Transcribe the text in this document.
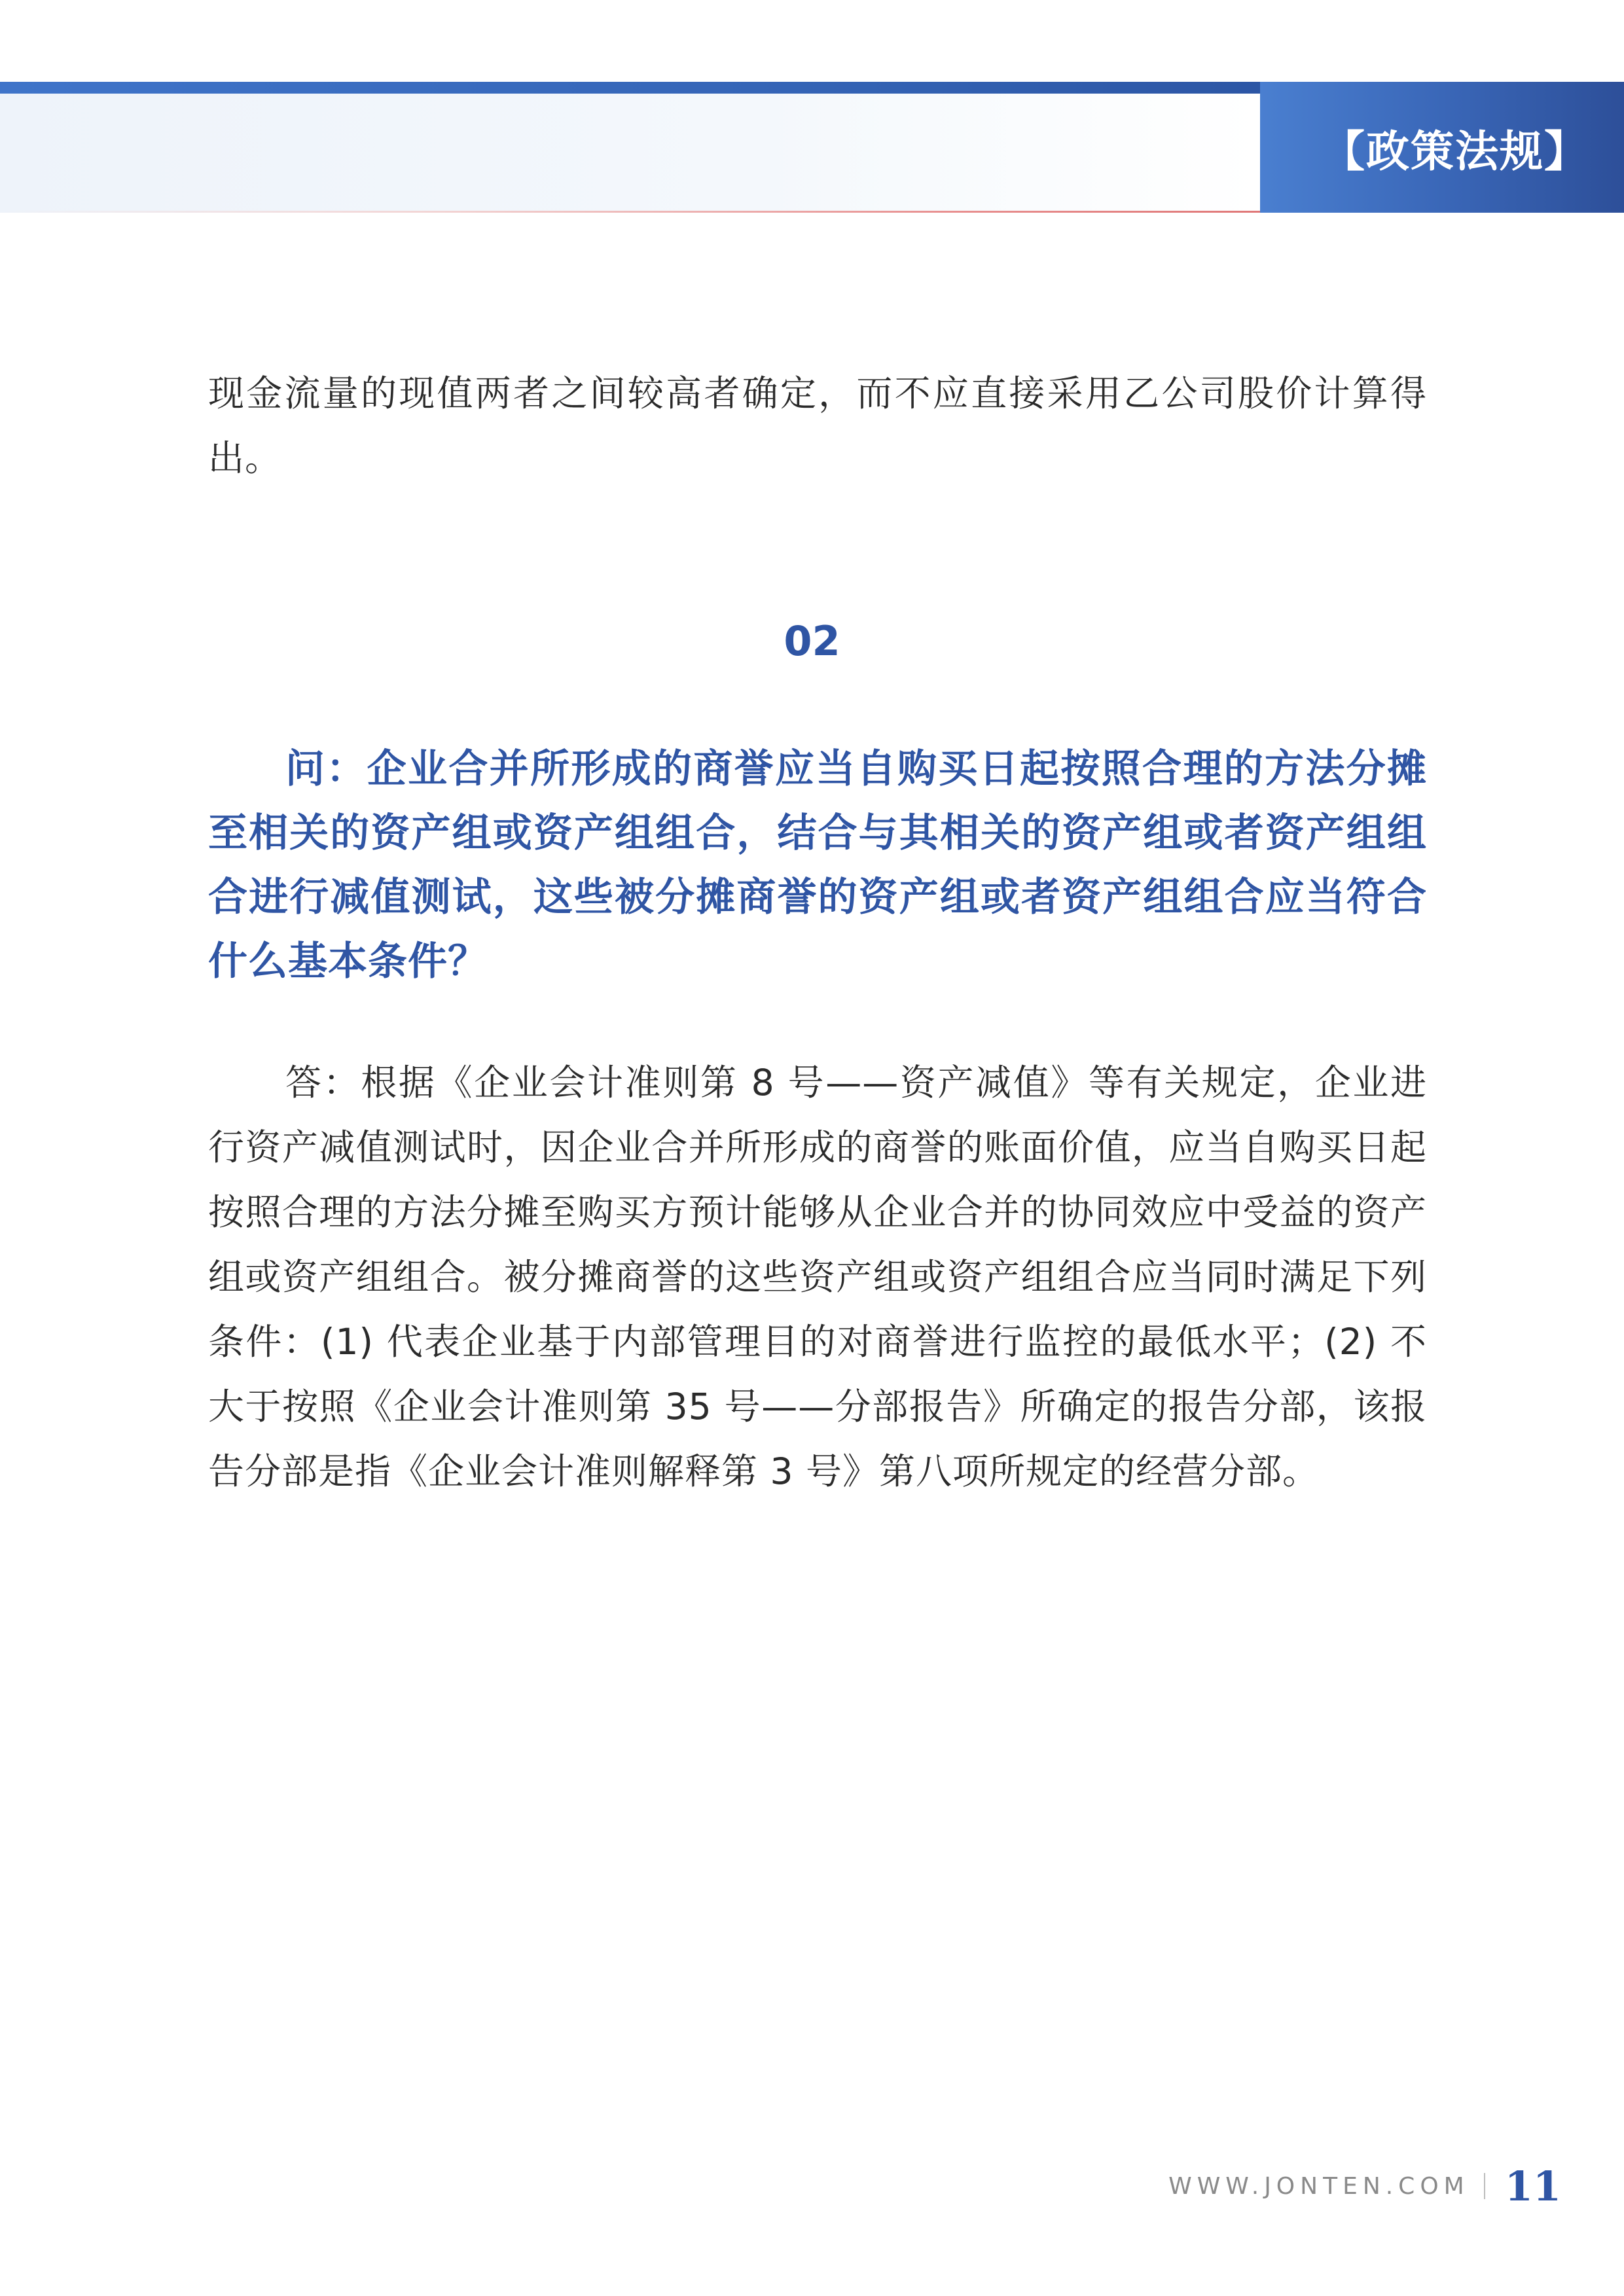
【政策法规】

现金流量的现值两者之间较高者确定，而不应直接采用乙公司股价计算得出。

02

问：企业合并所形成的商誉应当自购买日起按照合理的方法分摊至相关的资产组或资产组组合，结合与其相关的资产组或者资产组组合进行减值测试，这些被分摊商誉的资产组或者资产组组合应当符合什么基本条件？

答：根据《企业会计准则第 8 号——资产减值》等有关规定，企业进行资产减值测试时，因企业合并所形成的商誉的账面价值，应当自购买日起按照合理的方法分摊至购买方预计能够从企业合并的协同效应中受益的资产组或资产组组合。被分摊商誉的这些资产组或资产组组合应当同时满足下列条件：(1) 代表企业基于内部管理目的对商誉进行监控的最低水平；(2) 不大于按照《企业会计准则第 35 号——分部报告》所确定的报告分部，该报告分部是指《企业会计准则解释第 3 号》第八项所规定的经营分部。

WWW.JONTEN.COM 11
